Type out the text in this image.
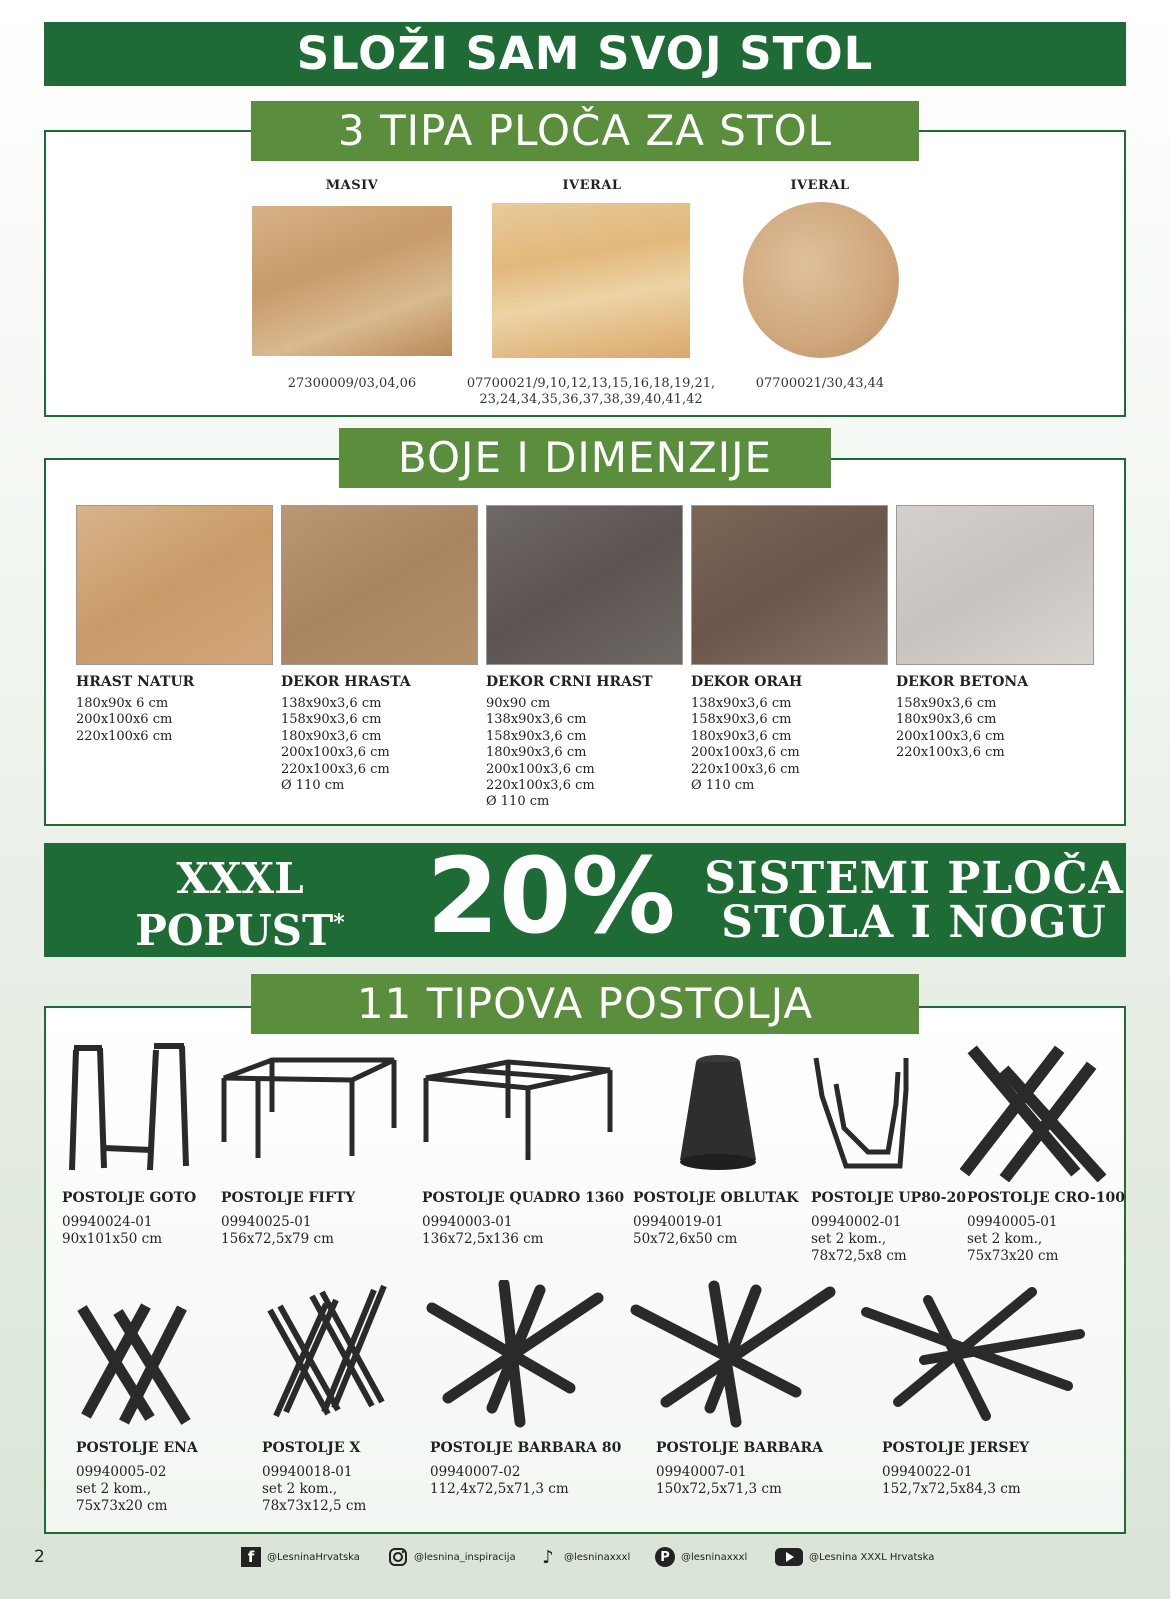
SLOŽI SAM SVOJ STOL
3 TIPA PLOČA ZA STOL
MASIV
27300009/03,04,06
IVERAL
07700021/9,10,12,13,15,16,18,19,21,
23,24,34,35,36,37,38,39,40,41,42
IVERAL
07700021/30,43,44
BOJE I DIMENZIJE
HRAST NATUR
180x90x 6 cm
200x100x6 cm
220x100x6 cm
DEKOR HRASTA
138x90x3,6 cm
158x90x3,6 cm
180x90x3,6 cm
200x100x3,6 cm
220x100x3,6 cm
Ø 110 cm
DEKOR CRNI HRAST
90x90 cm
138x90x3,6 cm
158x90x3,6 cm
180x90x3,6 cm
200x100x3,6 cm
220x100x3,6 cm
Ø 110 cm
DEKOR ORAH
138x90x3,6 cm
158x90x3,6 cm
180x90x3,6 cm
200x100x3,6 cm
220x100x3,6 cm
Ø 110 cm
DEKOR BETONA
158x90x3,6 cm
180x90x3,6 cm
200x100x3,6 cm
220x100x3,6 cm
XXXL
POPUST* 20% SISTEMI PLOČA
STOLA I NOGU
11 TIPOVA POSTOLJA
POSTOLJE GOTO
09940024-01
90x101x50 cm
POSTOLJE FIFTY
09940025-01
156x72,5x79 cm
POSTOLJE QUADRO 1360
09940003-01
136x72,5x136 cm
POSTOLJE OBLUTAK
09940019-01
50x72,6x50 cm
POSTOLJE UP80-20
09940002-01
set 2 kom.,
78x72,5x8 cm
POSTOLJE CRO-100
09940005-01
set 2 kom.,
75x73x20 cm
POSTOLJE ENA
09940005-02
set 2 kom.,
75x73x20 cm
POSTOLJE X
09940018-01
set 2 kom.,
78x73x12,5 cm
POSTOLJE BARBARA 80
09940007-02
112,4x72,5x71,3 cm
POSTOLJE BARBARA
09940007-01
150x72,5x71,3 cm
POSTOLJE JERSEY
09940022-01
152,7x72,5x84,3 cm
2	f	@LesninaHrvatska	@lesnina_inspiracija ♪	@lesninaxxxl	P	@lesninaxxxl	@Lesnina XXXL Hrvatska
